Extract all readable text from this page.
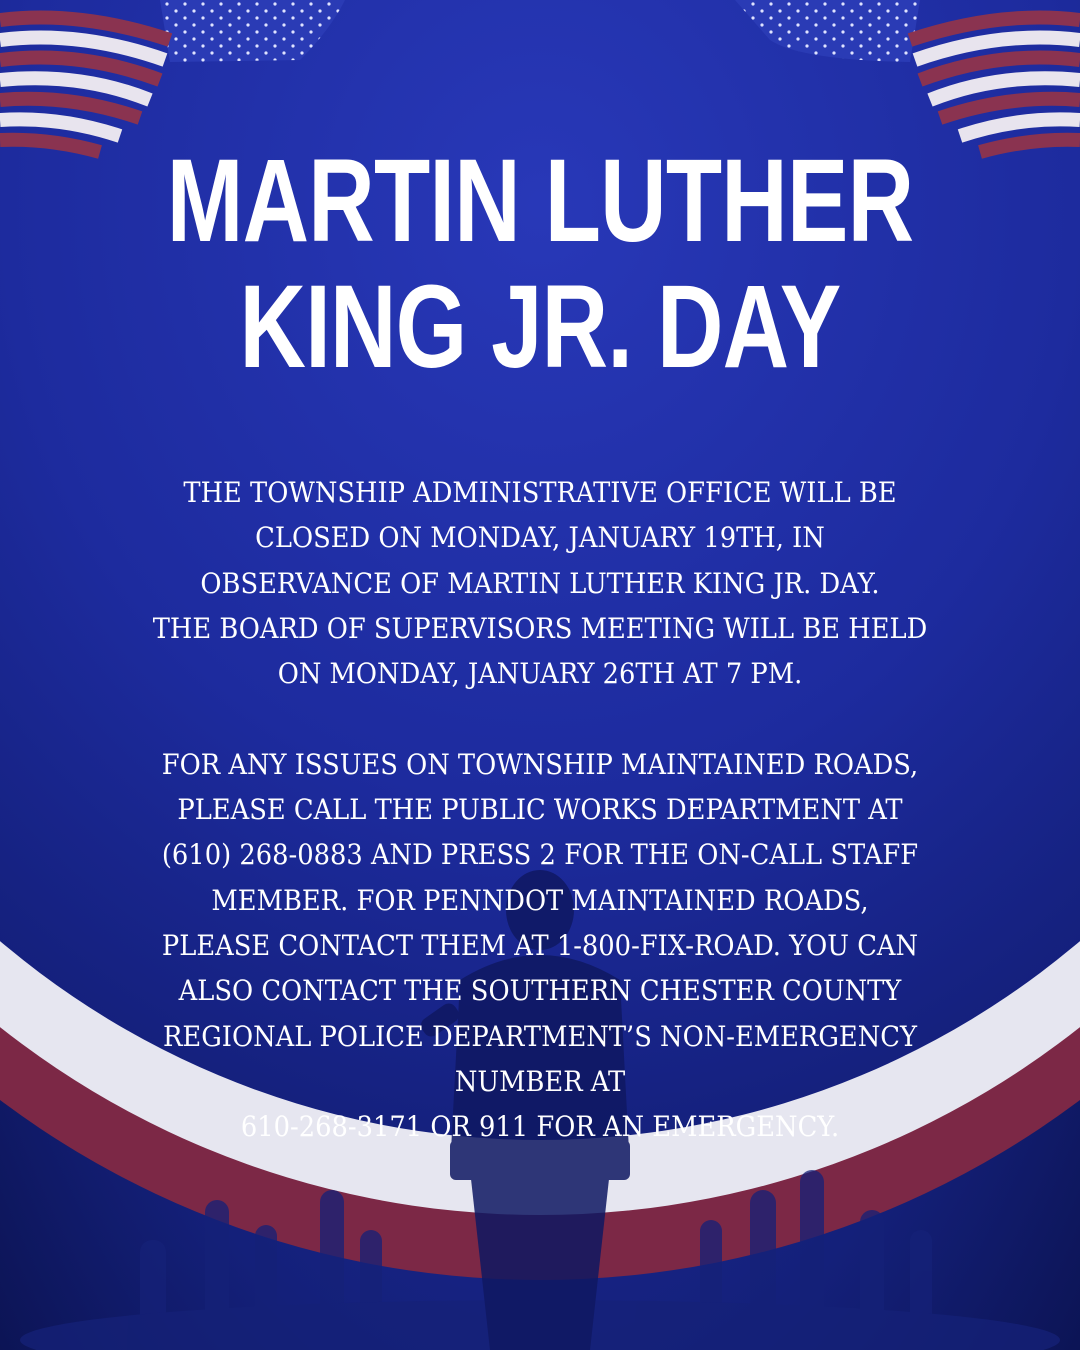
MARTIN LUTHER
KING JR. DAY
THE TOWNSHIP ADMINISTRATIVE OFFICE WILL BE
CLOSED ON MONDAY, JANUARY 19TH, IN
OBSERVANCE OF MARTIN LUTHER KING JR. DAY.
THE BOARD OF SUPERVISORS MEETING WILL BE HELD
ON MONDAY, JANUARY 26TH AT 7 PM.
FOR ANY ISSUES ON TOWNSHIP MAINTAINED ROADS,
PLEASE CALL THE PUBLIC WORKS DEPARTMENT AT
(610) 268-0883 AND PRESS 2 FOR THE ON-CALL STAFF
MEMBER. FOR PENNDOT MAINTAINED ROADS,
PLEASE CONTACT THEM AT 1-800-FIX-ROAD. YOU CAN
ALSO CONTACT THE SOUTHERN CHESTER COUNTY
REGIONAL POLICE DEPARTMENT’S NON-EMERGENCY
NUMBER AT
610-268-3171 OR 911 FOR AN EMERGENCY.
